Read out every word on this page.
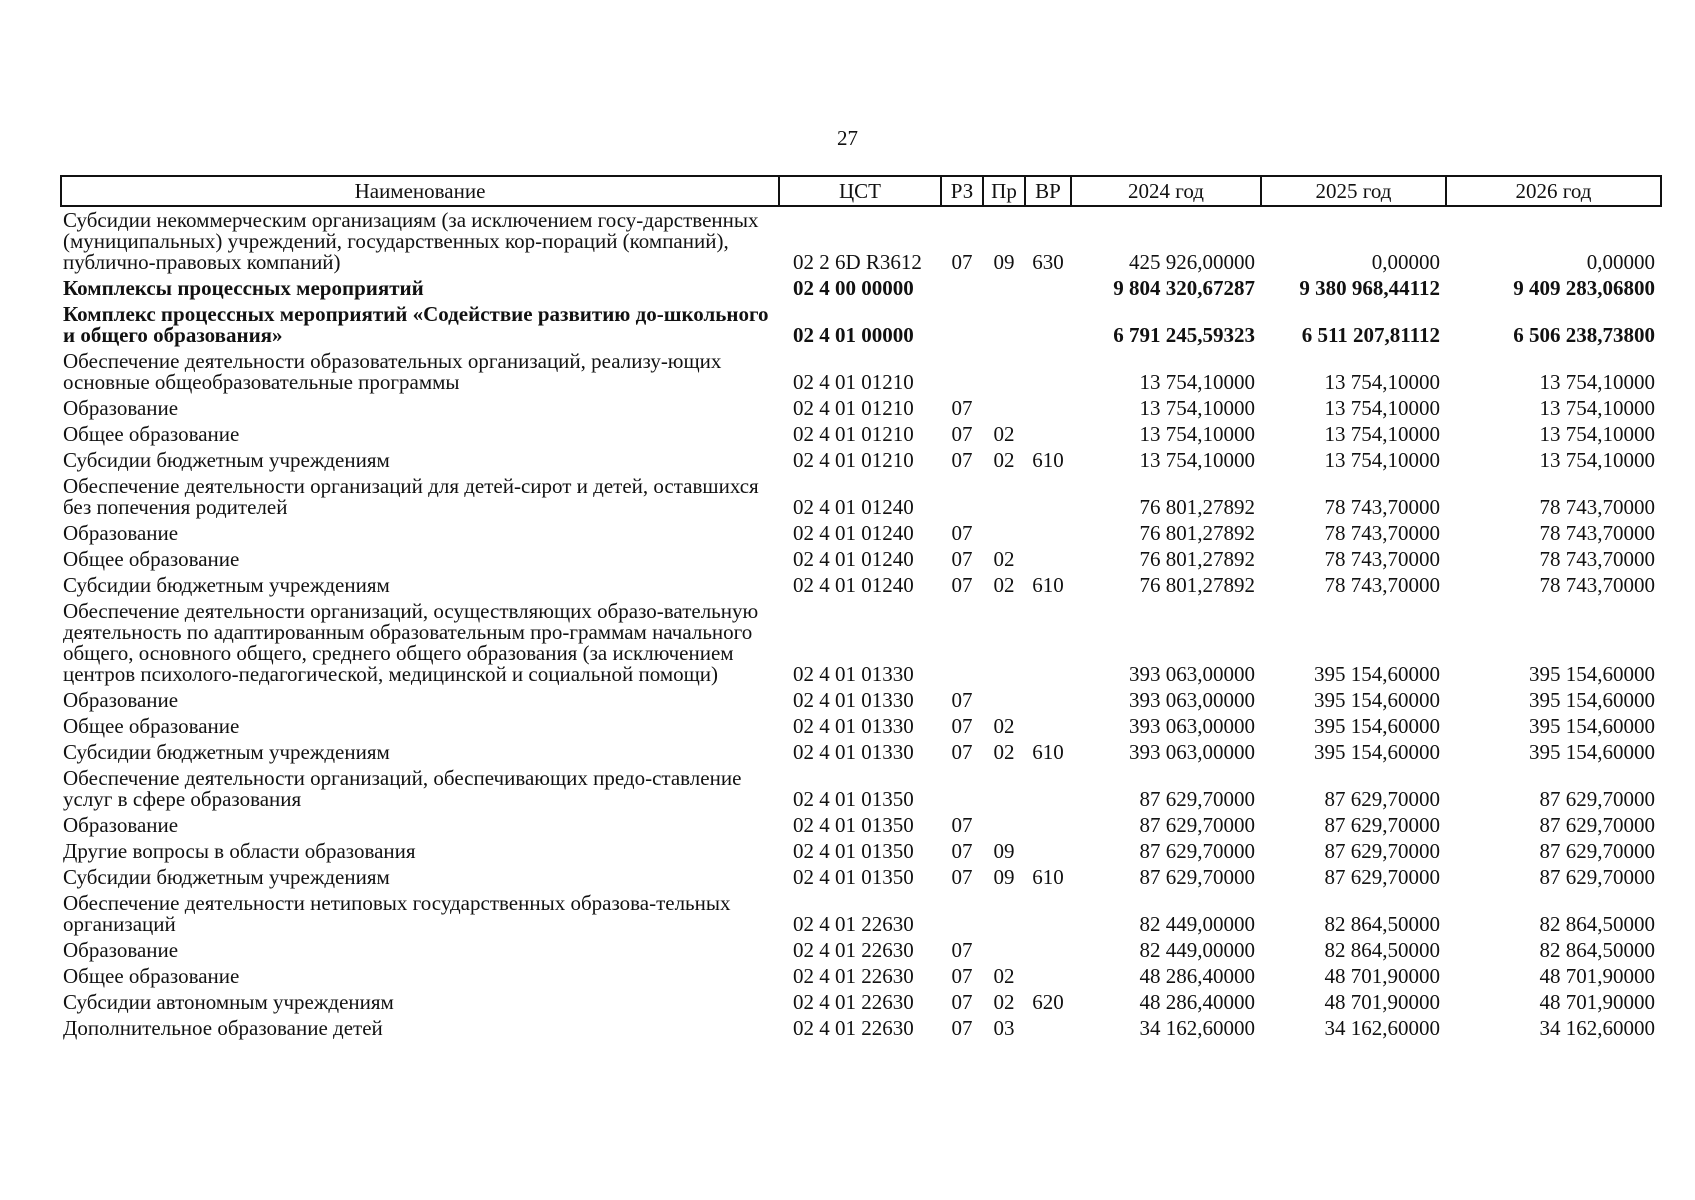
27
Наименование	ЦСТ	РЗ	Пр	ВР	2024 год	2025 год	2026 год
Субсидии некоммерческим организациям (за исключением госу-дарственных (муниципальных) учреждений, государственных кор-пораций (компаний), публично-правовых компаний)	02 2 6D R3612	07	09	630	425 926,00000	0,00000	0,00000
Комплексы процессных мероприятий	02 4 00 00000				9 804 320,67287	9 380 968,44112	9 409 283,06800
Комплекс процессных мероприятий «Содействие развитию до-школьного и общего образования»	02 4 01 00000				6 791 245,59323	6 511 207,81112	6 506 238,73800
Обеспечение деятельности образовательных организаций, реализу-ющих основные общеобразовательные программы	02 4 01 01210				13 754,10000	13 754,10000	13 754,10000
Образование	02 4 01 01210	07			13 754,10000	13 754,10000	13 754,10000
Общее образование	02 4 01 01210	07	02		13 754,10000	13 754,10000	13 754,10000
Субсидии бюджетным учреждениям	02 4 01 01210	07	02	610	13 754,10000	13 754,10000	13 754,10000
Обеспечение деятельности организаций для детей-сирот и детей, оставшихся без попечения родителей	02 4 01 01240				76 801,27892	78 743,70000	78 743,70000
Образование	02 4 01 01240	07			76 801,27892	78 743,70000	78 743,70000
Общее образование	02 4 01 01240	07	02		76 801,27892	78 743,70000	78 743,70000
Субсидии бюджетным учреждениям	02 4 01 01240	07	02	610	76 801,27892	78 743,70000	78 743,70000
Обеспечение деятельности организаций, осуществляющих образо-вательную деятельность по адаптированным образовательным про-граммам начального общего, основного общего, среднего общего образования (за исключением центров психолого-педагогической, медицинской и социальной помощи)	02 4 01 01330				393 063,00000	395 154,60000	395 154,60000
Образование	02 4 01 01330	07			393 063,00000	395 154,60000	395 154,60000
Общее образование	02 4 01 01330	07	02		393 063,00000	395 154,60000	395 154,60000
Субсидии бюджетным учреждениям	02 4 01 01330	07	02	610	393 063,00000	395 154,60000	395 154,60000
Обеспечение деятельности организаций, обеспечивающих предо-ставление услуг в сфере образования	02 4 01 01350				87 629,70000	87 629,70000	87 629,70000
Образование	02 4 01 01350	07			87 629,70000	87 629,70000	87 629,70000
Другие вопросы в области образования	02 4 01 01350	07	09		87 629,70000	87 629,70000	87 629,70000
Субсидии бюджетным учреждениям	02 4 01 01350	07	09	610	87 629,70000	87 629,70000	87 629,70000
Обеспечение деятельности нетиповых государственных образова-тельных организаций	02 4 01 22630				82 449,00000	82 864,50000	82 864,50000
Образование	02 4 01 22630	07			82 449,00000	82 864,50000	82 864,50000
Общее образование	02 4 01 22630	07	02		48 286,40000	48 701,90000	48 701,90000
Субсидии автономным учреждениям	02 4 01 22630	07	02	620	48 286,40000	48 701,90000	48 701,90000
Дополнительное образование детей	02 4 01 22630	07	03		34 162,60000	34 162,60000	34 162,60000
